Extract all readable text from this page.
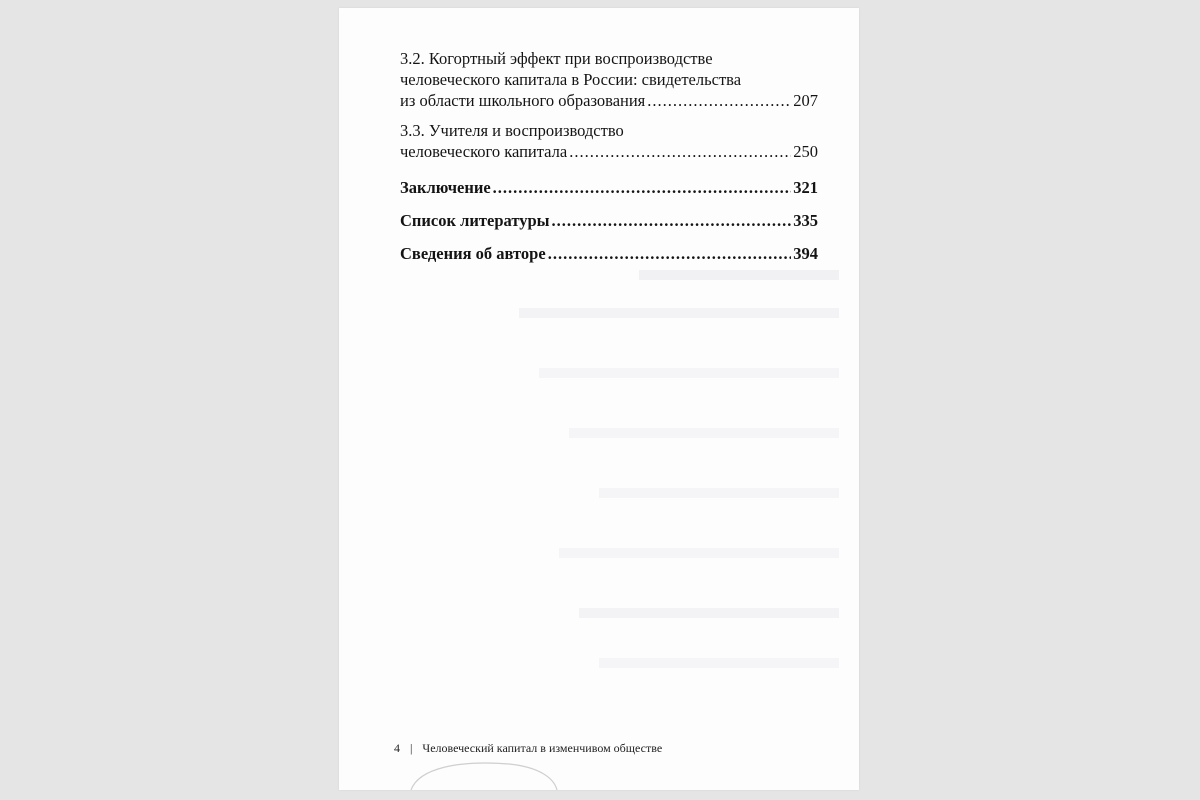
3.2. Когортный эффект при воспроизводстве
человеческого капитала в России: свидетельства
из области школьного образования .....	207
3.3. Учителя и воспроизводство
человеческого капитала .....	250
Заключение .....	321
Список литературы .....	335
Сведения об авторе .....	394
4 | Человеческий капитал в изменчивом обществе
